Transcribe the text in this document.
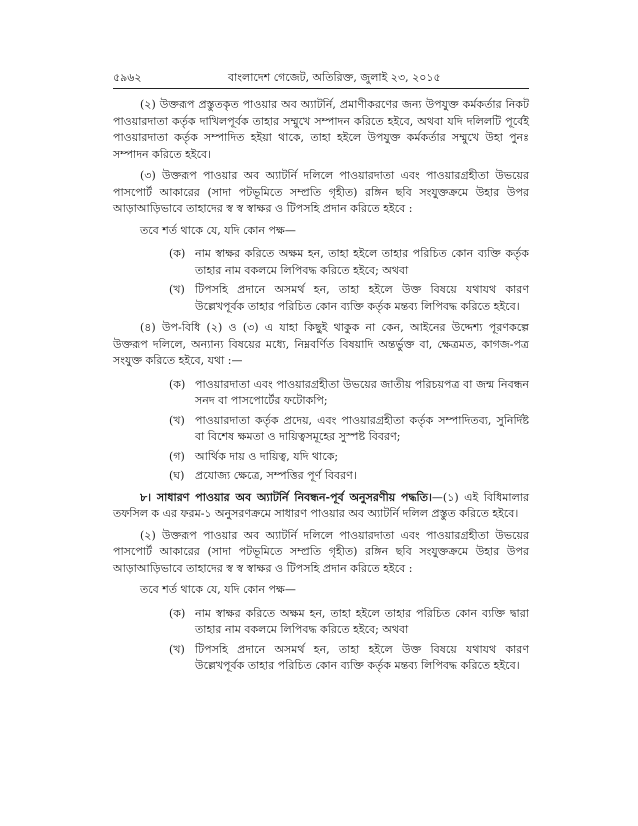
৫৯৬২	বাংলাদেশ গেজেট, অতিরিক্ত, জুলাই ২৩, ২০১৫

(২) উক্তরূপ প্রস্তুতকৃত পাওয়ার অব অ্যাটর্নি, প্রমাণীকরণের জন্য উপযুক্ত কর্মকর্তার নিকট পাওয়ারদাতা কর্তৃক দাখিলপূর্বক তাহার সম্মুখে সম্পাদন করিতে হইবে, অথবা যদি দলিলটি পূর্বেই পাওয়ারদাতা কর্তৃক সম্পাদিত হইয়া থাকে, তাহা হইলে উপযুক্ত কর্মকর্তার সম্মুখে উহা পুনঃ সম্পাদন করিতে হইবে।

(৩) উক্তরূপ পাওয়ার অব অ্যাটর্নি দলিলে পাওয়ারদাতা এবং পাওয়ারগ্রহীতা উভয়ের পাসপোর্ট আকারের (সাদা পটভূমিতে সম্প্রতি গৃহীত) রঙ্গিন ছবি সংযুক্তক্রমে উহার উপর আড়াআড়িভাবে তাহাদের স্ব স্ব স্বাক্ষর ও টিপসহি প্রদান করিতে হইবে :

তবে শর্ত থাকে যে, যদি কোন পক্ষ—

(ক) নাম স্বাক্ষর করিতে অক্ষম হন, তাহা হইলে তাহার পরিচিত কোন ব্যক্তি কর্তৃক তাহার নাম বকলমে লিপিবদ্ধ করিতে হইবে; অথবা
(খ) টিপসহি প্রদানে অসমর্থ হন, তাহা হইলে উক্ত বিষয়ে যথাযথ কারণ উল্লেখপূর্বক তাহার পরিচিত কোন ব্যক্তি কর্তৃক মন্তব্য লিপিবদ্ধ করিতে হইবে।

(৪) উপ-বিধি (২) ও (৩) এ যাহা কিছুই থাকুক না কেন, আইনের উদ্দেশ্য পূরণকল্পে উক্তরূপ দলিলে, অন্যান্য বিষয়ের মধ্যে, নিম্নবর্ণিত বিষয়াদি অন্তর্ভুক্ত বা, ক্ষেত্রমত, কাগজ-পত্র সংযুক্ত করিতে হইবে, যথা :—

(ক) পাওয়ারদাতা এবং পাওয়ারগ্রহীতা উভয়ের জাতীয় পরিচয়পত্র বা জন্ম নিবন্ধন সনদ বা পাসপোর্টের ফটোকপি;
(খ) পাওয়ারদাতা কর্তৃক প্রদেয়, এবং পাওয়ারগ্রহীতা কর্তৃক সম্পাদিতব্য, সুনির্দিষ্ট বা বিশেষ ক্ষমতা ও দায়িত্বসমূহের সুস্পষ্ট বিবরণ;
(গ) আর্থিক দায় ও দায়িত্ব, যদি থাকে;
(ঘ) প্রযোজ্য ক্ষেত্রে, সম্পত্তির পূর্ণ বিবরণ।

৮। সাধারণ পাওয়ার অব অ্যাটর্নি নিবন্ধন-পূর্ব অনুসরণীয় পদ্ধতি।—(১) এই বিধিমালার তফসিল ক এর ফরম-১ অনুসরণক্রমে সাধারণ পাওয়ার অব অ্যাটর্নি দলিল প্রস্তুত করিতে হইবে।

(২) উক্তরূপ পাওয়ার অব অ্যাটর্নি দলিলে পাওয়ারদাতা এবং পাওয়ারগ্রহীতা উভয়ের পাসপোর্ট আকারের (সাদা পটভূমিতে সম্প্রতি গৃহীত) রঙ্গিন ছবি সংযুক্তক্রমে উহার উপর আড়াআড়িভাবে তাহাদের স্ব স্ব স্বাক্ষর ও টিপসহি প্রদান করিতে হইবে :

তবে শর্ত থাকে যে, যদি কোন পক্ষ—

(ক) নাম স্বাক্ষর করিতে অক্ষম হন, তাহা হইলে তাহার পরিচিত কোন ব্যক্তি দ্বারা তাহার নাম বকলমে লিপিবদ্ধ করিতে হইবে; অথবা
(খ) টিপসহি প্রদানে অসমর্থ হন, তাহা হইলে উক্ত বিষয়ে যথাযথ কারণ উল্লেখপূর্বক তাহার পরিচিত কোন ব্যক্তি কর্তৃক মন্তব্য লিপিবদ্ধ করিতে হইবে।
